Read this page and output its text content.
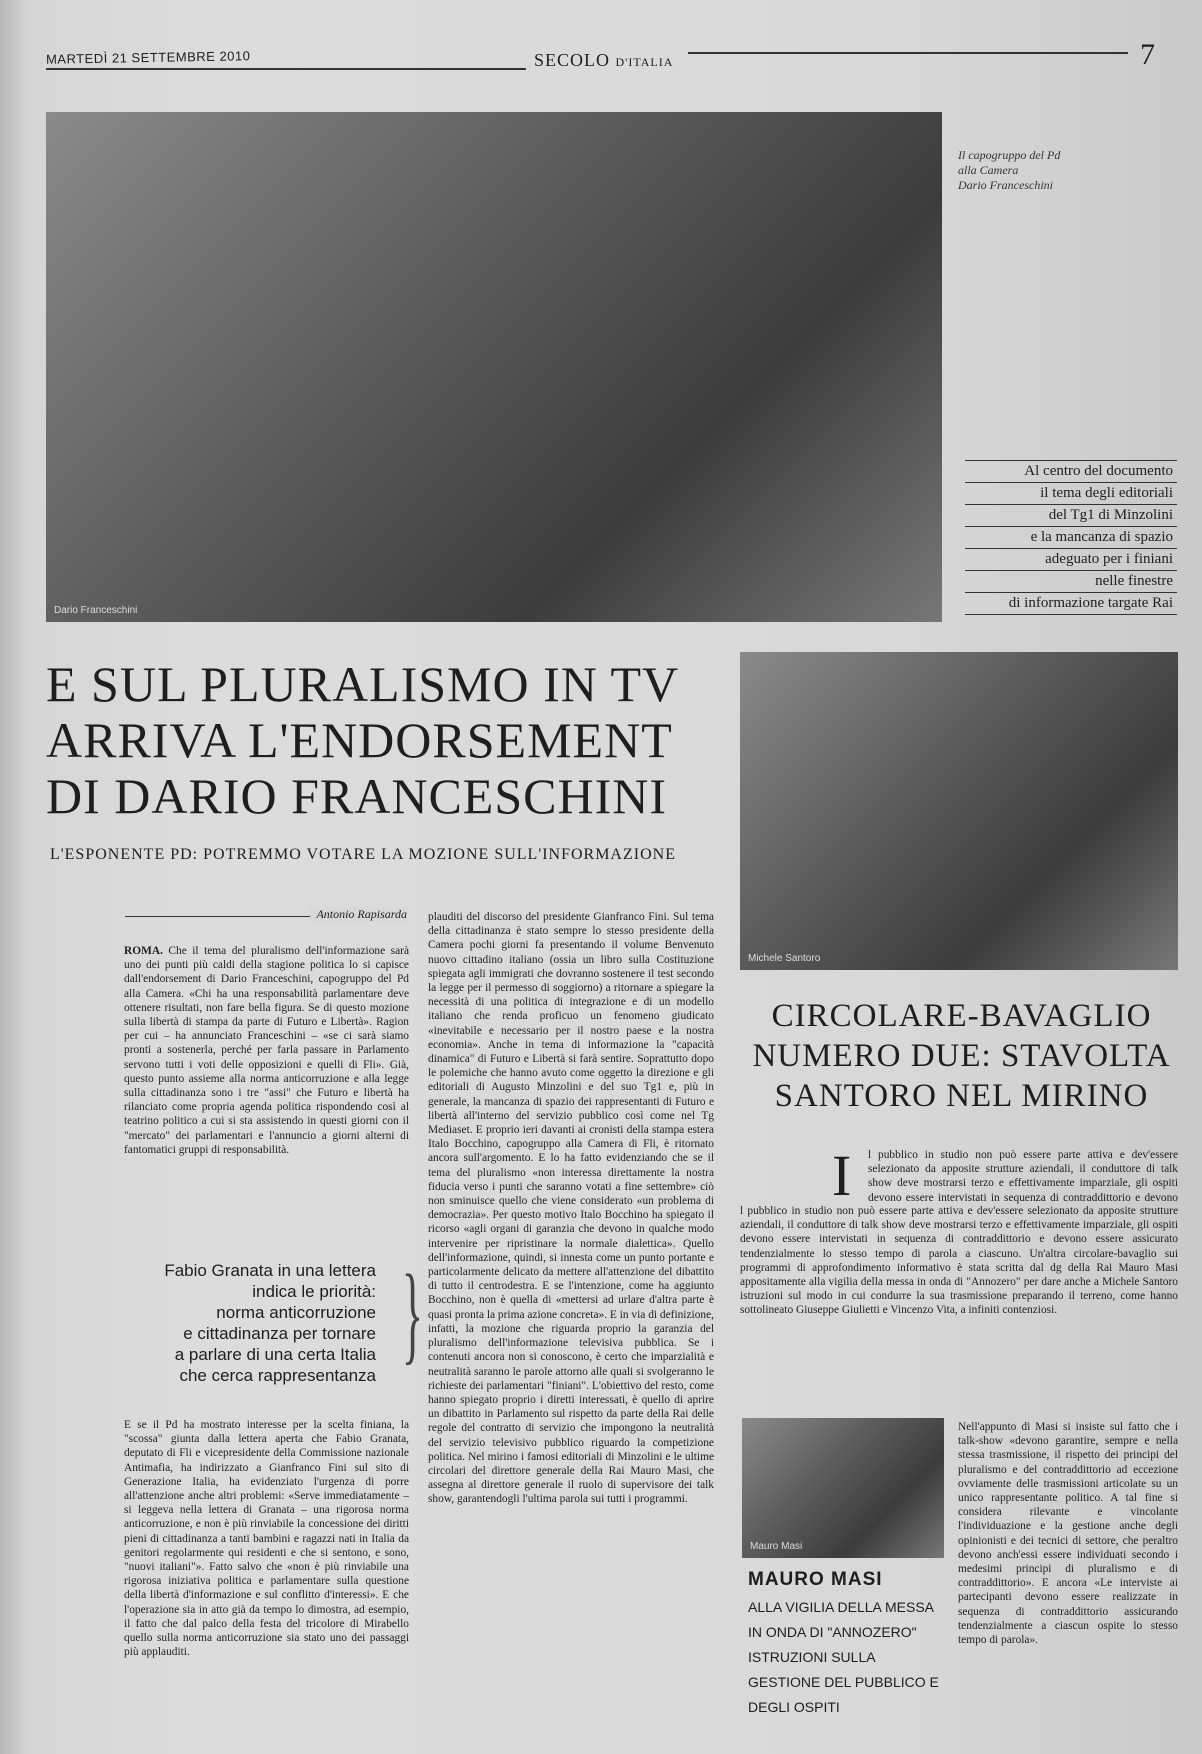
MARTEDÌ 21 SETTEMBRE 2010	SECOLO D'ITALIA	7
Dario Franceschini
Il capogruppo del Pd
alla Camera
Dario Franceschini
Al centro del documento
il tema degli editoriali
del Tg1 di Minzolini
e la mancanza di spazio
adeguato per i finiani
nelle finestre
di informazione targate Rai
E SUL PLURALISMO IN TV
ARRIVA L'ENDORSEMENT
DI DARIO FRANCESCHINI
L'ESPONENTE PD: POTREMMO VOTARE LA MOZIONE SULL'INFORMAZIONE
Antonio Rapisarda
ROMA. Che il tema del pluralismo dell'informazione sarà uno dei punti più caldi della stagione politica lo si capisce dall'endorsement di Dario Franceschini, capogruppo del Pd alla Camera. «Chi ha una responsabilità parlamentare deve ottenere risultati, non fare bella figura. Se di questo mozione sulla libertà di stampa da parte di Futuro e Libertà». Ragion per cui – ha annunciato Franceschini – «se ci sarà siamo pronti a sostenerla, perché per farla passare in Parlamento servono tutti i voti delle opposizioni e quelli di Fli». Già, questo punto assieme alla norma anticorruzione e alla legge sulla cittadinanza sono i tre "assi" che Futuro e libertà ha rilanciato come propria agenda politica rispondendo così al teatrino politico a cui si sta assistendo in questi giorni con il "mercato" dei parlamentari e l'annuncio a giorni alterni di fantomatici gruppi di responsabilità.
Fabio Granata in una lettera
indica le priorità:
norma anticorruzione
e cittadinanza per tornare
a parlare di una certa Italia
che cerca rappresentanza
}
E se il Pd ha mostrato interesse per la scelta finiana, la "scossa" giunta dalla lettera aperta che Fabio Granata, deputato di Fli e vicepresidente della Commissione nazionale Antimafia, ha indirizzato a Gianfranco Fini sul sito di Generazione Italia, ha evidenziato l'urgenza di porre all'attenzione anche altri problemi: «Serve immediatamente – si leggeva nella lettera di Granata – una rigorosa norma anticorruzione, e non è più rinviabile la concessione dei diritti pieni di cittadinanza a tanti bambini e ragazzi nati in Italia da genitori regolarmente qui residenti e che si sentono, e sono, "nuovi italiani"». Fatto salvo che «non è più rinviabile una rigorosa iniziativa politica e parlamentare sulla questione della libertà d'informazione e sul conflitto d'interessi». E che l'operazione sia in atto già da tempo lo dimostra, ad esempio, il fatto che dal palco della festa del tricolore di Mirabello quello sulla norma anticorruzione sia stato uno dei passaggi più applauditi.
plauditi del discorso del presidente Gianfranco Fini. Sul tema della cittadinanza è stato sempre lo stesso presidente della Camera pochi giorni fa presentando il volume Benvenuto nuovo cittadino italiano (ossia un libro sulla Costituzione spiegata agli immigrati che dovranno sostenere il test secondo la legge per il permesso di soggiorno) a ritornare a spiegare la necessità di una politica di integrazione e di un modello italiano che renda proficuo un fenomeno giudicato «inevitabile e necessario per il nostro paese e la nostra economia». Anche in tema di informazione la "capacità dinamica" di Futuro e Libertà si farà sentire. Soprattutto dopo le polemiche che hanno avuto come oggetto la direzione e gli editoriali di Augusto Minzolini e del suo Tg1 e, più in generale, la mancanza di spazio dei rappresentanti di Futuro e libertà all'interno del servizio pubblico così come nel Tg Mediaset. E proprio ieri davanti ai cronisti della stampa estera Italo Bocchino, capogruppo alla Camera di Fli, è ritornato ancora sull'argomento. E lo ha fatto evidenziando che se il tema del pluralismo «non interessa direttamente la nostra fiducia verso i punti che saranno votati a fine settembre» ciò non sminuisce quello che viene considerato «un problema di democrazia». Per questo motivo Italo Bocchino ha spiegato il ricorso «agli organi di garanzia che devono in qualche modo intervenire per ripristinare la normale dialettica». Quello dell'informazione, quindi, si innesta come un punto portante e particolarmente delicato da mettere all'attenzione del dibattito di tutto il centrodestra. E se l'intenzione, come ha aggiunto Bocchino, non è quella di «mettersi ad urlare d'altra parte è quasi pronta la prima azione concreta». E in via di definizione, infatti, la mozione che riguarda proprio la garanzia del pluralismo dell'informazione televisiva pubblica. Se i contenuti ancora non si conoscono, è certo che imparzialità e neutralità saranno le parole attorno alle quali si svolgeranno le richieste dei parlamentari "finiani". L'obiettivo del resto, come hanno spiegato proprio i diretti interessati, è quello di aprire un dibattito in Parlamento sul rispetto da parte della Rai delle regole del contratto di servizio che impongono la neutralità del servizio televisivo pubblico riguardo la competizione politica. Nel mirino i famosi editoriali di Minzolini e le ultime circolari del direttore generale della Rai Mauro Masi, che assegna al direttore generale il ruolo di supervisore dei talk show, garantendogli l'ultima parola sui tutti i programmi.
Michele Santoro
CIRCOLARE-BAVAGLIO
NUMERO DUE: STAVOLTA
SANTORO NEL MIRINO
I l pubblico in studio non può essere parte attiva e dev'essere selezionato da apposite strutture aziendali, il conduttore di talk show deve mostrarsi terzo e effettivamente imparziale, gli ospiti devono essere intervistati in sequenza di contraddittorio e devono
l pubblico in studio non può essere parte attiva e dev'essere selezionato da apposite strutture aziendali, il conduttore di talk show deve mostrarsi terzo e effettivamente imparziale, gli ospiti devono essere intervistati in sequenza di contraddittorio e devono essere assicurato tendenzialmente lo stesso tempo di parola a ciascuno. Un'altra circolare-bavaglio sui programmi di approfondimento informativo è stata scritta dal dg della Rai Mauro Masi appositamente alla vigilia della messa in onda di "Annozero" per dare anche a Michele Santoro istruzioni sul modo in cui condurre la sua trasmissione preparando il terreno, come hanno sottolineato Giuseppe Giulietti e Vincenzo Vita, a infiniti contenziosi.
Nell'appunto di Masi si insiste sul fatto che i talk-show «devono garantire, sempre e nella stessa trasmissione, il rispetto dei principi del pluralismo e del contraddittorio ad eccezione ovviamente delle trasmissioni articolate su un unico rappresentante politico. A tal fine si considera rilevante e vincolante l'individuazione e la gestione anche degli opinionisti e dei tecnici di settore, che peraltro devono anch'essi essere individuati secondo i medesimi principi di pluralismo e di contraddittorio». E ancora «Le interviste ai partecipanti devono essere realizzate in sequenza di contraddittorio assicurando tendenzialmente a ciascun ospite lo stesso tempo di parola».
Mauro Masi
MAURO MASI
ALLA VIGILIA DELLA MESSA IN ONDA DI "ANNOZERO" ISTRUZIONI SULLA GESTIONE DEL PUBBLICO E DEGLI OSPITI
